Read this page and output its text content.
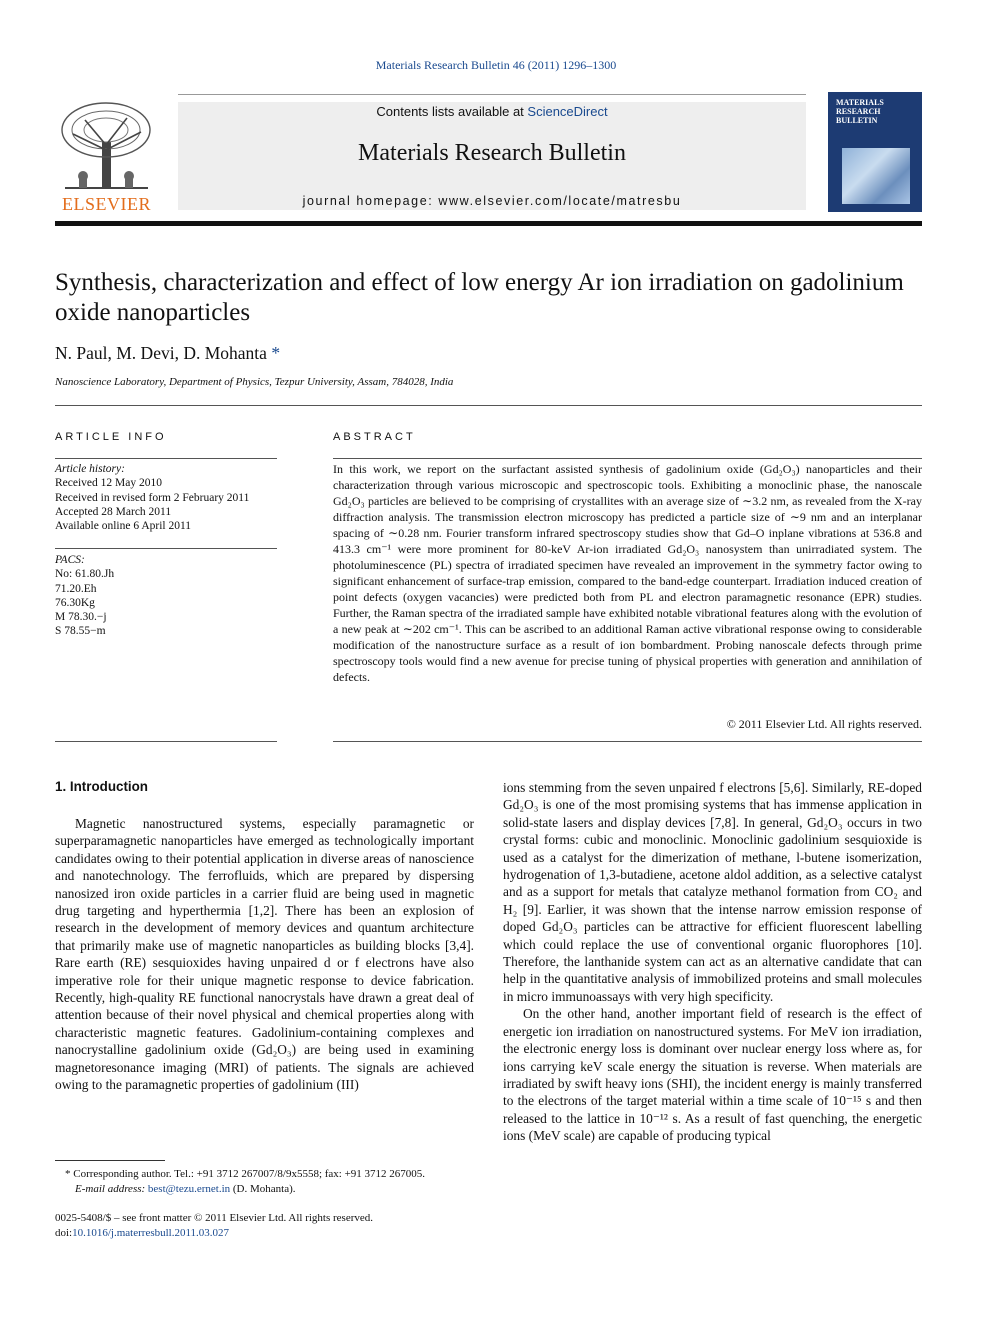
Materials Research Bulletin 46 (2011) 1296–1300
ELSEVIER
Contents lists available at ScienceDirect
Materials Research Bulletin
journal homepage: www.elsevier.com/locate/matresbu
MATERIALS RESEARCH BULLETIN
Synthesis, characterization and effect of low energy Ar ion irradiation on gadolinium oxide nanoparticles
N. Paul, M. Devi, D. Mohanta *
Nanoscience Laboratory, Department of Physics, Tezpur University, Assam, 784028, India
ARTICLE INFO
Article history:
Received 12 May 2010
Received in revised form 2 February 2011
Accepted 28 March 2011
Available online 6 April 2011
PACS:
No: 61.80.Jh
71.20.Eh
76.30Kg
M 78.30.−j
S 78.55−m
ABSTRACT
In this work, we report on the surfactant assisted synthesis of gadolinium oxide (Gd₂O₃) nanoparticles and their characterization through various microscopic and spectroscopic tools. Exhibiting a monoclinic phase, the nanoscale Gd₂O₃ particles are believed to be comprising of crystallites with an average size of ∼3.2 nm, as revealed from the X-ray diffraction analysis. The transmission electron microscopy has predicted a particle size of ∼9 nm and an interplanar spacing of ∼0.28 nm. Fourier transform infrared spectroscopy studies show that Gd–O inplane vibrations at 536.8 and 413.3 cm⁻¹ were more prominent for 80-keV Ar-ion irradiated Gd₂O₃ nanosystem than unirradiated system. The photoluminescence (PL) spectra of irradiated specimen have revealed an improvement in the symmetry factor owing to significant enhancement of surface-trap emission, compared to the band-edge counterpart. Irradiation induced creation of point defects (oxygen vacancies) were predicted both from PL and electron paramagnetic resonance (EPR) studies. Further, the Raman spectra of the irradiated sample have exhibited notable vibrational features along with the evolution of a new peak at ∼202 cm⁻¹. This can be ascribed to an additional Raman active vibrational response owing to considerable modification of the nanostructure surface as a result of ion bombardment. Probing nanoscale defects through prime spectroscopy tools would find a new avenue for precise tuning of physical properties with generation and annihilation of defects.
© 2011 Elsevier Ltd. All rights reserved.
1. Introduction

Magnetic nanostructured systems, especially paramagnetic or superparamagnetic nanoparticles have emerged as technologically important candidates owing to their potential application in diverse areas of nanoscience and nanotechnology. The ferrofluids, which are prepared by dispersing nanosized iron oxide particles in a carrier fluid are being used in magnetic drug targeting and hyperthermia [1,2]. There has been an explosion of research in the development of memory devices and quantum architecture that primarily make use of magnetic nanoparticles as building blocks [3,4]. Rare earth (RE) sesquioxides having unpaired d or f electrons have also imperative role for their unique magnetic response to device fabrication. Recently, high-quality RE functional nanocrystals have drawn a great deal of attention because of their novel physical and chemical properties along with characteristic magnetic features. Gadolinium-containing complexes and nanocrystalline gadolinium oxide (Gd₂O₃) are being used in examining magnetoresonance imaging (MRI) of patients. The signals are achieved owing to the paramagnetic properties of gadolinium (III)

ions stemming from the seven unpaired f electrons [5,6]. Similarly, RE-doped Gd₂O₃ is one of the most promising systems that has immense application in solid-state lasers and display devices [7,8]. In general, Gd₂O₃ occurs in two crystal forms: cubic and monoclinic. Monoclinic gadolinium sesquioxide is used as a catalyst for the dimerization of methane, l-butene isomerization, hydrogenation of 1,3-butadiene, acetone aldol addition, as a selective catalyst and as a support for metals that catalyze methanol formation from CO₂ and H₂ [9]. Earlier, it was shown that the intense narrow emission response of doped Gd₂O₃ particles can be attractive for efficient fluorescent labelling which could replace the use of conventional organic fluorophores [10]. Therefore, the lanthanide system can act as an alternative candidate that can help in the quantitative analysis of immobilized proteins and small molecules in micro immunoassays with very high specificity.

On the other hand, another important field of research is the effect of energetic ion irradiation on nanostructured systems. For MeV ion irradiation, the electronic energy loss is dominant over nuclear energy loss where as, for ions carrying keV scale energy the situation is reverse. When materials are irradiated by swift heavy ions (SHI), the incident energy is mainly transferred to the electrons of the target material within a time scale of 10⁻¹⁵ s and then released to the lattice in 10⁻¹² s. As a result of fast quenching, the energetic ions (MeV scale) are capable of producing typical

* Corresponding author. Tel.: +91 3712 267007/8/9x5558; fax: +91 3712 267005.
E-mail address: best@tezu.ernet.in (D. Mohanta).
0025-5408/$ – see front matter © 2011 Elsevier Ltd. All rights reserved.
doi:10.1016/j.materresbull.2011.03.027
